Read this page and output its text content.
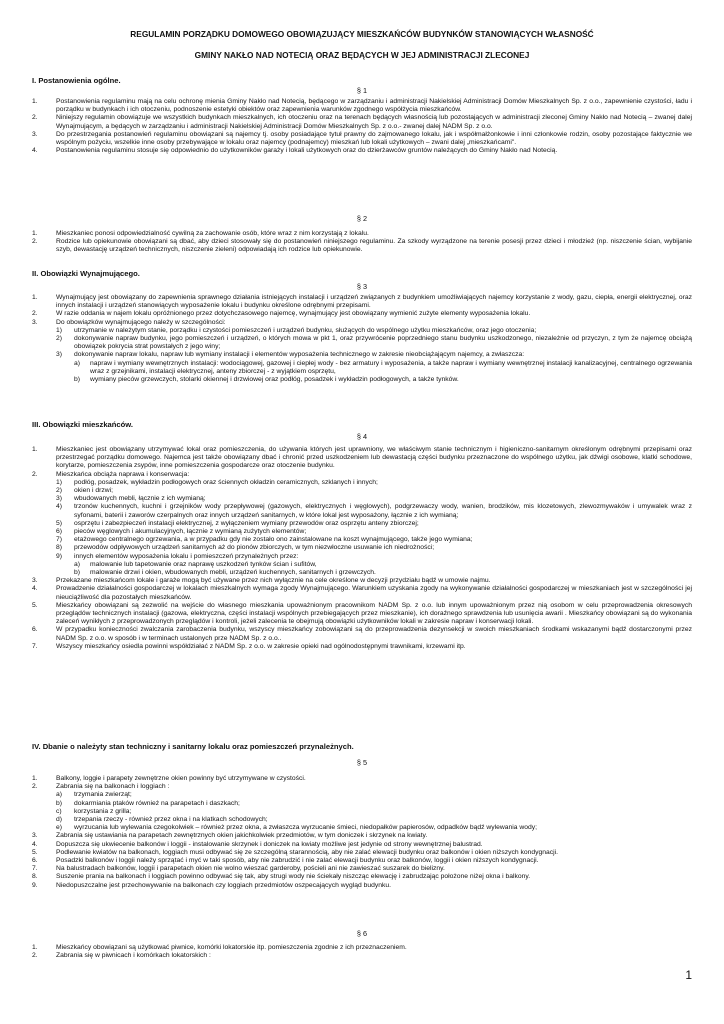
REGULAMIN PORZĄDKU DOMOWEGO OBOWIĄZUJĄCY MIESZKAŃCÓW BUDYNKÓW STANOWIĄCYCH WŁASNOŚĆ
GMINY NAKŁO NAD NOTECIĄ ORAZ BĘDĄCYCH W JEJ ADMINISTRACJI ZLECONEJ
I. Postanowienia ogólne.
§ 1
1.	Postanowienia regulaminu mają na celu ochronę mienia Gminy Nakło nad Notecią, będącego w zarządzaniu i administracji Nakielskiej Administracji Domów Mieszkalnych Sp. z o.o., zapewnienie czystości, ładu i porządku w budynkach i ich otoczeniu, podnoszenie estetyki obiektów oraz zapewnienia warunków zgodnego współżycia mieszkańców.
2.	Niniejszy regulamin obowiązuje we wszystkich budynkach mieszkalnych, ich otoczeniu oraz na terenach będących własnością lub pozostających w administracji zleconej Gminy Nakło nad Notecią – zwanej dalej Wynajmującym, a będących w zarządzaniu i administracji Nakielskiej Administracji Domów Mieszkalnych Sp. z o.o.- zwanej dalej NADM Sp. z o.o.
3.	Do przestrzegania postanowień regulaminu obowiązani są najemcy tj. osoby posiadające tytuł prawny do zajmowanego lokalu, jak i współmałżonkowie i inni członkowie rodzin, osoby pozostające faktycznie we wspólnym pożyciu, wszelkie inne osoby przebywające w lokalu oraz najemcy (podnajemcy) mieszkań lub lokali użytkowych – zwani dalej „mieszkańcami".
4.	Postanowienia regulaminu stosuje się odpowiednio do użytkowników garaży i lokali użytkowych oraz do dzierżawców gruntów należących do Gminy Nakło nad Notecią.
§ 2
1.	Mieszkaniec ponosi odpowiedzialność cywilną za zachowanie osób, które wraz z nim korzystają z lokalu.
2.	Rodzice lub opiekunowie obowiązani są dbać, aby dzieci stosowały się do postanowień niniejszego regulaminu. Za szkody wyrządzone na terenie posesji przez dzieci i młodzież (np. niszczenie ścian, wybijanie szyb, dewastację urządzeń technicznych, niszczenie zieleni) odpowiadają ich rodzice lub opiekunowie.
II. Obowiązki Wynajmującego.
§ 3
1.	Wynajmujący jest obowiązany do zapewnienia sprawnego działania istniejących instalacji i urządzeń związanych z budynkiem umożliwiających najemcy korzystanie z wody, gazu, ciepła, energii elektrycznej, oraz innych instalacji i urządzeń stanowiących wyposażenie lokalu i budynku określone odrębnymi przepisami.
2.	W razie oddania w najem lokalu opróżnionego przez dotychczasowego najemcę, wynajmujący jest obowiązany wymienić zużyte elementy wyposażenia lokalu.
3.	Do obowiązków wynajmującego należy w szczególności:
1)	utrzymanie w należytym stanie, porządku i czystości pomieszczeń i urządzeń budynku, służących do wspólnego użytku mieszkańców, oraz jego otoczenia;
2)	dokonywanie napraw budynku, jego pomieszczeń i urządzeń, o których mowa w pkt 1, oraz przywrócenie poprzedniego stanu budynku uszkodzonego, niezależnie od przyczyn, z tym że najemcę obciążą obowiązek pokrycia strat powstałych z jego winy;
3)	dokonywanie napraw lokalu, napraw lub wymiany instalacji i elementów wyposażenia technicznego w zakresie nieobciążającym najemcy, a zwłaszcza:
a)	napraw i wymiany wewnętrznych instalacji: wodociągowej, gazowej i ciepłej wody - bez armatury i wyposażenia, a także napraw i wymiany wewnętrznej instalacji kanalizacyjnej, centralnego ogrzewania wraz z grzejnikami, instalacji elektrycznej, anteny zbiorczej - z wyjątkiem osprzętu,
b)	wymiany pieców grzewczych, stolarki okiennej i drzwiowej oraz podłóg, posadzek i wykładzin podłogowych, a także tynków.
III. Obowiązki mieszkańców.
§ 4
1.	Mieszkaniec jest obowiązany utrzymywać lokal oraz pomieszczenia, do używania których jest uprawniony, we właściwym stanie technicznym i higieniczno-sanitarnym określonym odrębnymi przepisami oraz przestrzegać porządku domowego. Najemca jest także obowiązany dbać i chronić przed uszkodzeniem lub dewastacją części budynku przeznaczone do wspólnego użytku, jak dźwigi osobowe, klatki schodowe, korytarze, pomieszczenia zsypów, inne pomieszczenia gospodarcze oraz otoczenie budynku.
2.	Mieszkańca obciąża naprawa i konserwacja:
1)	podłóg, posadzek, wykładzin podłogowych oraz ściennych okładzin ceramicznych, szklanych i innych;
2)	okien i drzwi;
3)	wbudowanych mebli, łącznie z ich wymianą;
4)	trzonów kuchennych, kuchni i grzejników wody przepływowej (gazowych, elektrycznych i węglowych), podgrzewaczy wody, wanien, brodzików, mis klozetowych, zlewozmywaków i umywalek wraz z syfonami, baterii i zaworów czerpalnych oraz innych urządzeń sanitarnych, w które lokal jest wyposażony, łącznie z ich wymianą;
5)	osprzętu i zabezpieczeń instalacji elektrycznej, z wyłączeniem wymiany przewodów oraz osprzętu anteny zbiorczej;
6)	pieców węglowych i akumulacyjnych, łącznie z wymianą zużytych elementów;
7)	etażowego centralnego ogrzewania, a w przypadku gdy nie zostało ono zainstalowane na koszt wynajmującego, także jego wymiana;
8)	przewodów odpływowych urządzeń sanitarnych aż do pionów zbiorczych, w tym niezwłoczne usuwanie ich niedrożności;
9)	innych elementów wyposażenia lokalu i pomieszczeń przynależnych przez:
a)	malowanie lub tapetowanie oraz naprawę uszkodzeń tynków ścian i sufitów,
b)	malowanie drzwi i okien, wbudowanych mebli, urządzeń kuchennych, sanitarnych i grzewczych.
3.	Przekazane mieszkańcom lokale i garaże mogą być używane przez nich wyłącznie na cele określone w decyzji przydziału bądź w umowie najmu.
4.	Prowadzenie działalności gospodarczej w lokalach mieszkalnych wymaga zgody Wynajmującego. Warunkiem uzyskania zgody na wykonywanie działalności gospodarczej w mieszkaniach jest w szczególności jej nieuciążliwość dla pozostałych mieszkańców.
5.	Mieszkańcy obowiązani są zezwolić na wejście do własnego mieszkania upoważnionym pracownikom NADM Sp. z o.o. lub innym upoważnionym przez nią osobom w celu przeprowadzenia okresowych przeglądów technicznych instalacji (gazowa, elektryczna, części instalacji wspólnych przebiegających przez mieszkanie), ich doraźnego sprawdzenia lub usunięcia awarii . Mieszkańcy obowiązani są do wykonania zaleceń wynikłych z przeprowadzonych przeglądów i kontroli, jeżeli zalecenia te obejmują obowiązki użytkowników lokali w zakresie napraw i konserwacji lokali.
6.	W przypadku konieczności zwalczania zarobaczenia budynku, wszyscy mieszkańcy zobowiązani są do przeprowadzenia dezynsekcji w swoich mieszkaniach środkami wskazanymi bądź dostarczonymi przez NADM Sp. z o.o. w sposób i w terminach ustalonych prze NADM Sp. z o.o..
7.	Wszyscy mieszkańcy osiedla powinni współdziałać z NADM Sp. z o.o. w zakresie opieki nad ogólnodostępnymi trawnikami, krzewami itp.
IV. Dbanie o należyty stan techniczny i sanitarny lokalu oraz pomieszczeń przynależnych.
§ 5
1.	Balkony, loggie i parapety zewnętrzne okien powinny być utrzymywane w czystości.
2.	Zabrania się na balkonach i loggiach :
a)	trzymania zwierząt;
b)	dokarmiania ptaków również na parapetach i daszkach;
c)	korzystania z grilla;
d)	trzepania rzeczy - również przez okna i na klatkach schodowych;
e)	wyrzucania lub wylewania czegokolwiek – również przez okna, a zwłaszcza wyrzucanie śmieci, niedopałków papierosów, odpadków bądź wylewania wody;
3.	Zabrania się ustawiania na parapetach zewnętrznych okien jakichkolwiek przedmiotów, w tym doniczek i skrzynek na kwiaty.
4.	Dopuszcza się ukwiecenie balkonów i loggii - instalowanie skrzynek i doniczek na kwiaty możliwe jest jedynie od strony wewnętrznej balustrad.
5.	Podlewanie kwiatów na balkonach, loggiach musi odbywać się ze szczególną starannością, aby nie zalać elewacji budynku oraz balkonów i okien niższych kondygnacji.
6.	Posadzki balkonów i loggii należy sprzątać i myć w taki sposób, aby nie zabrudzić i nie zalać elewacji budynku oraz balkonów, loggii i okien niższych kondygnacji.
7.	Na balustradach balkonów, loggii i parapetach okien nie wolno wieszać garderoby, pościeli ani nie zawieszać suszarek do bielizny.
8.	Suszenie prania na balkonach i loggiach powinno odbywać się tak, aby strugi wody nie ściekały niszcząc elewację i zabrudzając położone niżej okna i balkony.
9.	Niedopuszczalne jest przechowywanie na balkonach czy loggiach przedmiotów oszpecających wygląd budynku.
§ 6
1.	Mieszkańcy obowiązani są użytkować piwnice, komórki lokatorskie itp. pomieszczenia zgodnie z ich przeznaczeniem.
2.	Zabrania się w piwnicach i komórkach lokatorskich :
1
